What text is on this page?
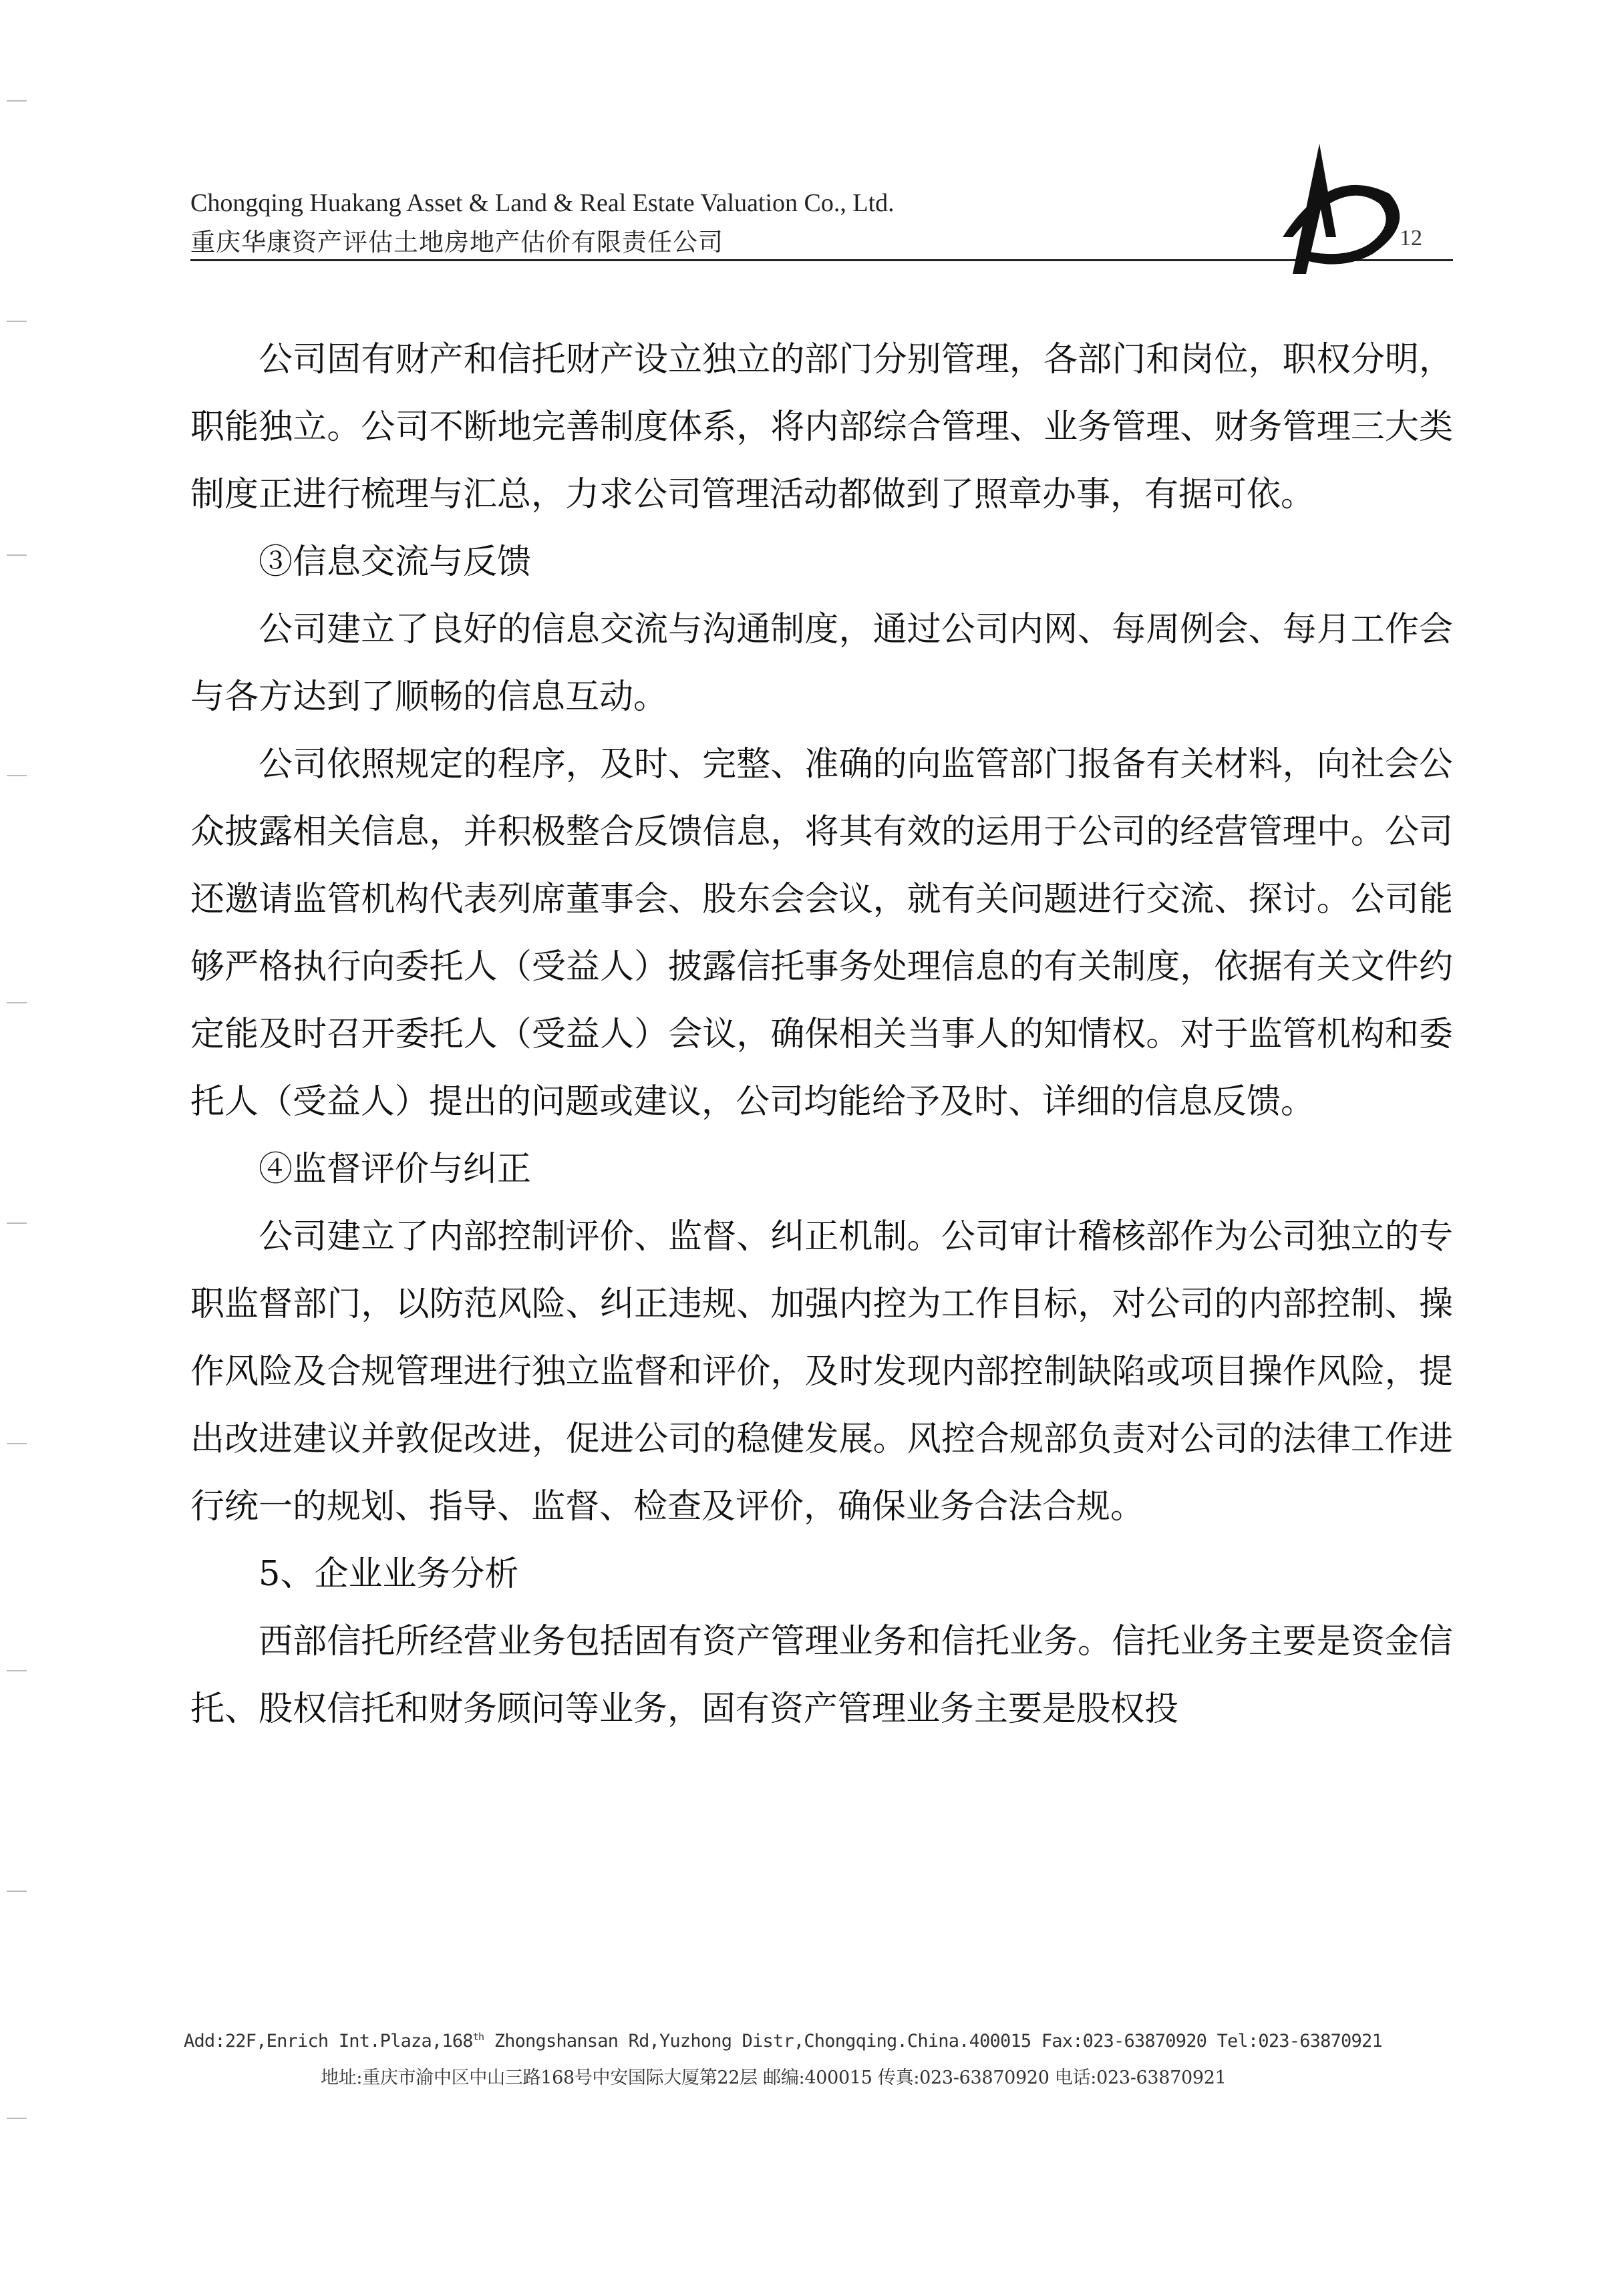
Chongqing Huakang Asset & Land & Real Estate Valuation Co., Ltd.
重庆华康资产评估土地房地产估价有限责任公司	12

公司固有财产和信托财产设立独立的部门分别管理，各部门和岗位，职权分明，职能独立。公司不断地完善制度体系，将内部综合管理、业务管理、财务管理三大类制度正进行梳理与汇总，力求公司管理活动都做到了照章办事，有据可依。

③信息交流与反馈

公司建立了良好的信息交流与沟通制度，通过公司内网、每周例会、每月工作会与各方达到了顺畅的信息互动。

公司依照规定的程序，及时、完整、准确的向监管部门报备有关材料，向社会公众披露相关信息，并积极整合反馈信息，将其有效的运用于公司的经营管理中。公司还邀请监管机构代表列席董事会、股东会会议，就有关问题进行交流、探讨。公司能够严格执行向委托人（受益人）披露信托事务处理信息的有关制度，依据有关文件约定能及时召开委托人（受益人）会议，确保相关当事人的知情权。对于监管机构和委托人（受益人）提出的问题或建议，公司均能给予及时、详细的信息反馈。

④监督评价与纠正

公司建立了内部控制评价、监督、纠正机制。公司审计稽核部作为公司独立的专职监督部门，以防范风险、纠正违规、加强内控为工作目标，对公司的内部控制、操作风险及合规管理进行独立监督和评价，及时发现内部控制缺陷或项目操作风险，提出改进建议并敦促改进，促进公司的稳健发展。风控合规部负责对公司的法律工作进行统一的规划、指导、监督、检查及评价，确保业务合法合规。

5、企业业务分析

西部信托所经营业务包括固有资产管理业务和信托业务。信托业务主要是资金信托、股权信托和财务顾问等业务，固有资产管理业务主要是股权投

Add:22F,Enrich Int.Plaza,168th Zhongshansan Rd,Yuzhong Distr,Chongqing.China.400015 Fax:023-63870920 Tel:023-63870921
地址:重庆市渝中区中山三路168号中安国际大厦第22层 邮编:400015 传真:023-63870920 电话:023-63870921
